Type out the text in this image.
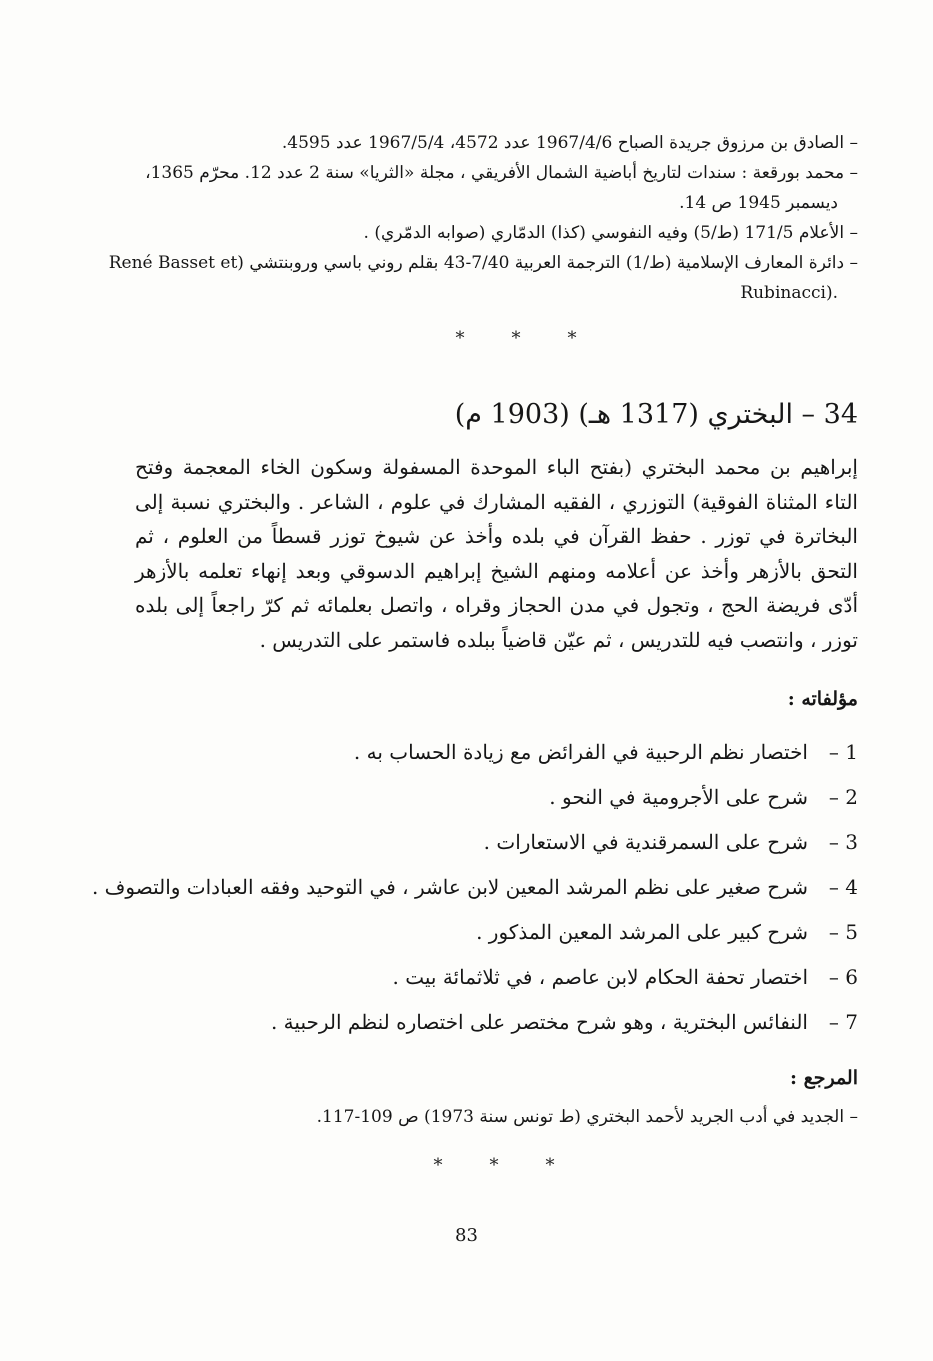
– الصادق بن مرزوق جريدة الصباح 1967/4/6 عدد 4572، 1967/5/4 عدد 4595.

– محمد بورقعة : سندات لتاريخ أباضية الشمال الأفريقي ، مجلة «الثريا» سنة 2 عدد 12. محرّم 1365،

ديسمبر 1945 ص 14.

– الأعلام 171/5 (ط/5) وفيه النفوسي (كذا) الدمّاري (صوابه الدمّري) .

– دائرة المعارف الإسلامية (ط/1) الترجمة العربية 7/40-43 بقلم روني باسي وروبنتشي (René Basset et

.(Rubinacci

*	*	*
34 – البختري (1317 هـ) (1903 م)
إبراهيم بن محمد البختري (بفتح الباء الموحدة المسفولة وسكون الخاء المعجمة وفتح التاء المثناة الفوقية) التوزري ، الفقيه المشارك في علوم ، الشاعر . والبختري نسبة إلى البخاترة في توزر . حفظ القرآن في بلده وأخذ عن شيوخ توزر قسطاً من العلوم ، ثم التحق بالأزهر وأخذ عن أعلامه ومنهم الشيخ إبراهيم الدسوقي وبعد إنهاء تعلمه بالأزهر أدّى فريضة الحج ، وتجول في مدن الحجاز وقراه ، واتصل بعلمائه ثم كرّ راجعاً إلى بلده توزر ، وانتصب فيه للتدريس ، ثم عيّن قاضياً ببلده فاستمر على التدريس .
مؤلفاته :
1 –اختصار نظم الرحبية في الفرائض مع زيادة الحساب به .
2 –شرح على الأجرومية في النحو .
3 –شرح على السمرقندية في الاستعارات .
4 –شرح صغير على نظم المرشد المعين لابن عاشر ، في التوحيد وفقه العبادات والتصوف .
5 –شرح كبير على المرشد المعين المذكور .
6 –اختصار تحفة الحكام لابن عاصم ، في ثلاثمائة بيت .
7 –النفائس البخترية ، وهو شرح مختصر على اختصاره لنظم الرحبية .
المرجع :
– الجديد في أدب الجريد لأحمد البختري (ط تونس سنة 1973) ص 109-117.
*	*	*
83
